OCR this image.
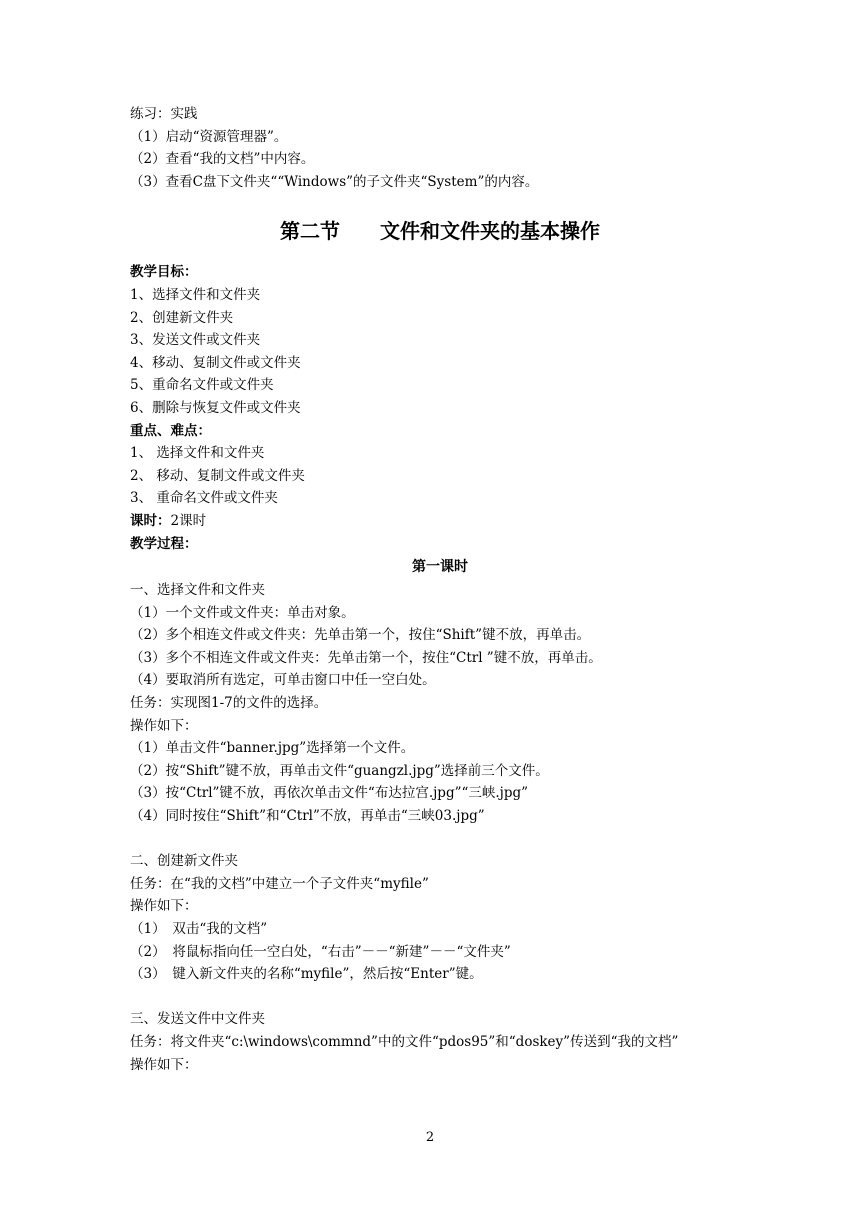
练习：实践
（1）启动“资源管理器”。
（2）查看“我的文档”中内容。
（3）查看C盘下文件夹““Windows”的子文件夹“System”的内容。
第二节　　文件和文件夹的基本操作
教学目标：
1、选择文件和文件夹
2、创建新文件夹
3、发送文件或文件夹
4、移动、复制文件或文件夹
5、重命名文件或文件夹
6、删除与恢复文件或文件夹
重点、难点：
1、 选择文件和文件夹
2、 移动、复制文件或文件夹
3、 重命名文件或文件夹
课时：2课时
教学过程：
第一课时
一、选择文件和文件夹
（1）一个文件或文件夹：单击对象。
（2）多个相连文件或文件夹：先单击第一个，按住“Shift”键不放，再单击。
（3）多个不相连文件或文件夹：先单击第一个，按住“Ctrl ”键不放，再单击。
（4）要取消所有选定，可单击窗口中任一空白处。
任务：实现图1-7的文件的选择。
操作如下：
（1）单击文件“banner.jpg”选择第一个文件。
（2）按“Shift”键不放，再单击文件“guangzl.jpg”选择前三个文件。
（3）按“Ctrl”键不放，再依次单击文件“布达拉宫.jpg”“三峡.jpg”
（4）同时按住“Shift”和“Ctrl”不放，再单击“三峡03.jpg”
二、创建新文件夹
任务：在“我的文档”中建立一个子文件夹“myfile”
操作如下：
（1）　双击“我的文档”
（2）　将鼠标指向任一空白处，“右击”－－“新建”－－“文件夹”
（3）　键入新文件夹的名称“myfile”，然后按“Enter”键。
三、发送文件中文件夹
任务：将文件夹“c:\windows\commnd”中的文件“pdos95”和“doskey”传送到“我的文档”
操作如下：
2
